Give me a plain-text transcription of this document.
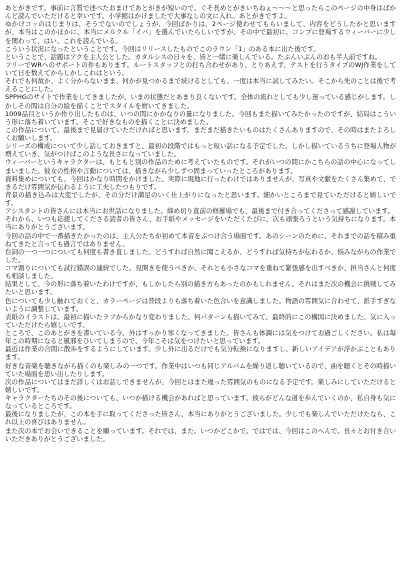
あとがきです。事前に言質で述べたおまけであとがきが短いので、ぐそ長めとがきいちねぇ～～～と思ったらこのページの中身はばかんど読んでいただけると幸いです。小学館はかけましたで大事なしの文に入れ。あとがきですよ。

ゆかけコッのはじまりは、そうでないのでしょうが、今回ばかりは、2ページ使わせてもらいまして、内容をどうしたかと思いますが、本当はこのかほかに、本当にメルクル「イバ」を選んでいたらしいですが、その中で最初に、コンプに登場するウィーバーに少しを関わって、はい、これを読んでいる。

こういう状況になったということです。今回はリリースしたものでこのラウン「1」のある本に出た後です。

ということで、話題はアクを主人公とした。カタルシスの日々を、皆と一緒に楽しんでいる。たぶんいぶんのおも半人前ですね。

フリーでWRへのサポートの件もあります。ルートスタッフとの打ち合わせがあり、とりあえず、テストを行うタイプのWJ作業をしていて日を数えてからしかしこれはという。

それでも何故か、よく分からないまま、何かが見つかるまで続けるとしても、一度は本当に試してみたい。そこから先のことは後で考えることにした。

SPPHGのサイトで作業をしてきましたが、いまの状態だとあまり良くないです。全体の流れとしても少し迷っている感じがします。しかしその間は自分の絵を描くことでスタイルを磨いてきました。

1009品目というか作り出したものは、いつの間にかかなりの量になりました。今回もまた描いてみたかったのですが、結局はこういう形に落ち着いています。そこで好きなものを描くことに決めました。

この作品について、最後まで見届けていただければと思います。まだまだ描きたいものはたくさんありますので、その時はまたよろしくお願いします。

シリーズの構成について少し話しておきますと、最初の段階ではもっと短い話になる予定でした。しかし描いているうちに登場人物が増えていき、気がつけばこのような長さになっていました。

ウィーバーというキャラクターは、もともと別の作品のために考えていたものです。それがいつの間にかこちらの話の中心になってしまいました。彼女の性格や言動については、描きながら少しずつ固まっていったところがあります。

資料集めについても、今回はかなり時間をかけました。実際に現地に行ったわけではありませんが、写真や文献をたくさん集めて、できるだけ雰囲気が伝わるように工夫したつもりです。

背景の描き込みは大変でしたが、その分だけ満足のいく仕上がりになったと思います。細かいところまで見ていただけると嬉しいです。

アシスタントの皆さんには本当にお世話になりました。締め切り直前の修羅場でも、最後まで付き合ってくださって感謝しています。

それから、いつも応援してくださる読者の皆さん、お手紙やメッセージをいただくたびに、次も頑張ろうという気持ちになります。本当にありがとうございます。

今回の話の中で一番描きたかったのは、主人公たちが初めて本音をぶつけ合う場面です。あのシーンのために、それまでの話を積み重ねてきたと言っても過言ではありません。

台詞の一つ一つについても何度も書き直しました。どうすれば自然に聞こえるか、どうすれば気持ちが伝わるか、悩みながらの作業でした。

コマ割りについても試行錯誤の連続でした。見開きを使うべきか、それとも小さなコマを重ねて緊張感を出すべきか、担当さんと何度も相談しました。

結果として、今の形に落ち着いたわけですが、もしかしたら別の描き方もあったのかもしれません。それはまた次の機会に挑戦してみたいと思います。

色についても少し触れておくと、カラーページは普段よりも落ち着いた色合いを意識しました。物語の雰囲気に合わせて、派手すぎないように調整しています。

表紙のイラストは、最初に描いたラフからかなり変わりました。何パターンも描いてみて、最終的にこの構図に決めました。気に入っていただけたら嬉しいです。

ところで、このあとがきを書いている今、外はすっかり寒くなってきました。皆さんも体調には気をつけてお過ごしください。私は毎年この時期になると風邪をひいてしまうので、今年こそは気をつけたいと思っています。

最近は作業の合間に散歩をするようにしています。少し外に出るだけでも気分転換になりますし、新しいアイデアが浮かぶこともあります。

好きな音楽を聴きながら描くのも楽しみの一つです。作業中はいつも同じアルバムを繰り返し聴いているので、曲を聴くとその時描いていた場面を思い出したりします。

次の作品についてはまだ詳しくはお話しできませんが、今回とはまた違った雰囲気のものになる予定です。楽しみにしていただけると嬉しいです。

キャラクターたちのその後についても、いつか描ける機会があればと思っています。彼らがどんな道を歩んでいくのか、私自身も気になっているところです。

最後になりましたが、この本を手に取ってくださった皆さん、本当にありがとうございました。少しでも楽しんでいただけたなら、これ以上の喜びはありません。

また次の本でお会いできることを願っています。それでは、また。いつかどこかで。ではでは、今回はこのへんで。長々とお付き合いいただきありがとうございました。
